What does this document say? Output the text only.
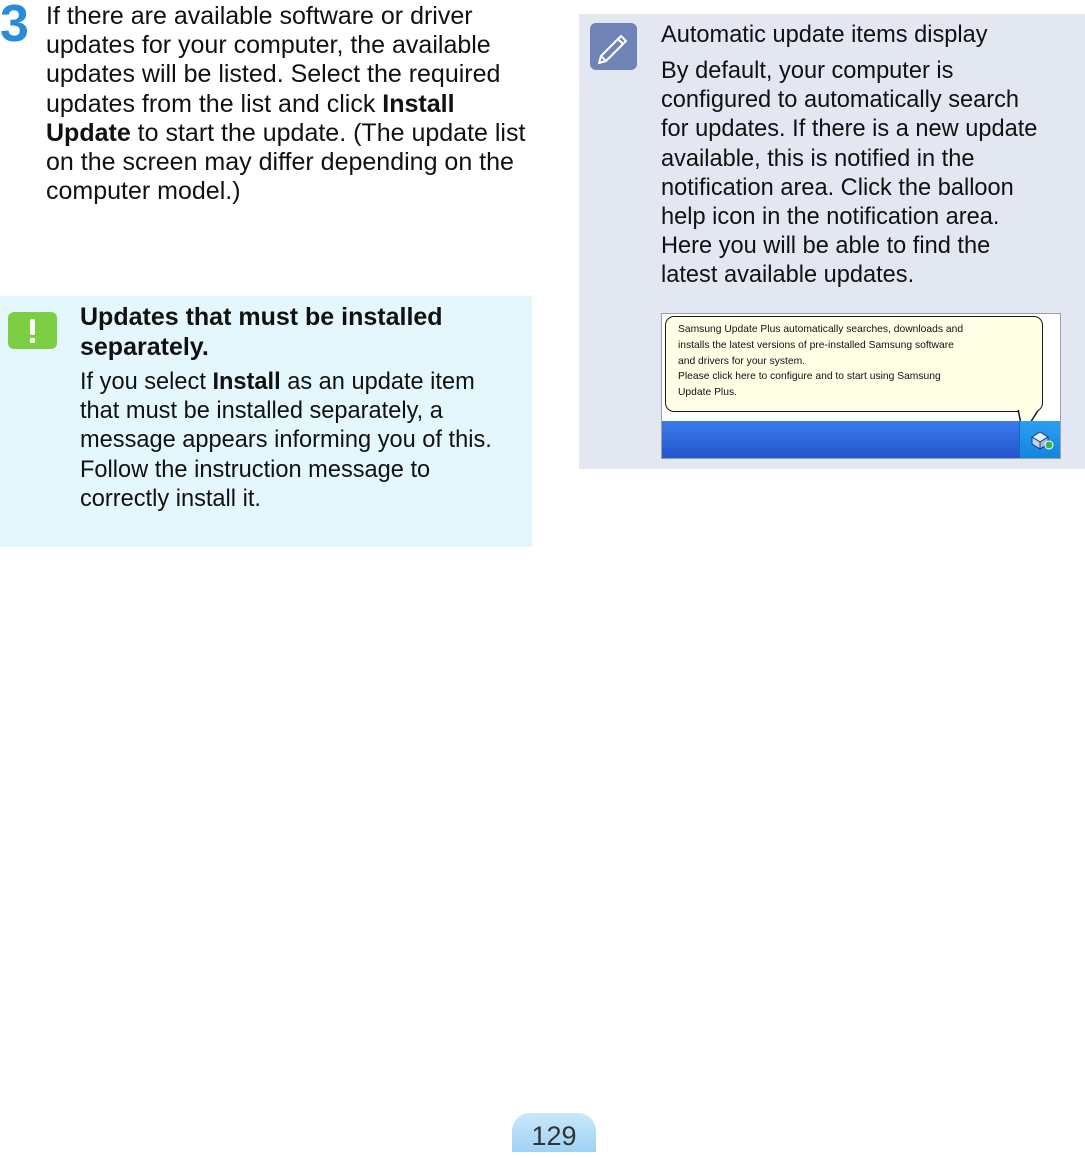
3 If there are available software or driver updates for your computer, the available updates will be listed. Select the required updates from the list and click Install Update to start the update. (The update list on the screen may differ depending on the computer model.)

Updates that must be installed separately.

If you select Install as an update item that must be installed separately, a message appears informing you of this. Follow the instruction message to correctly install it.

Automatic update items display

By default, your computer is
configured to automatically search
for updates. If there is a new update
available, this is notified in the
notification area. Click the balloon
help icon in the notification area.
Here you will be able to find the
latest available updates.

Samsung Update Plus automatically searches, downloads and
installs the latest versions of pre-installed Samsung software
and drivers for your system.
Please click here to configure and to start using Samsung
Update Plus.
129
